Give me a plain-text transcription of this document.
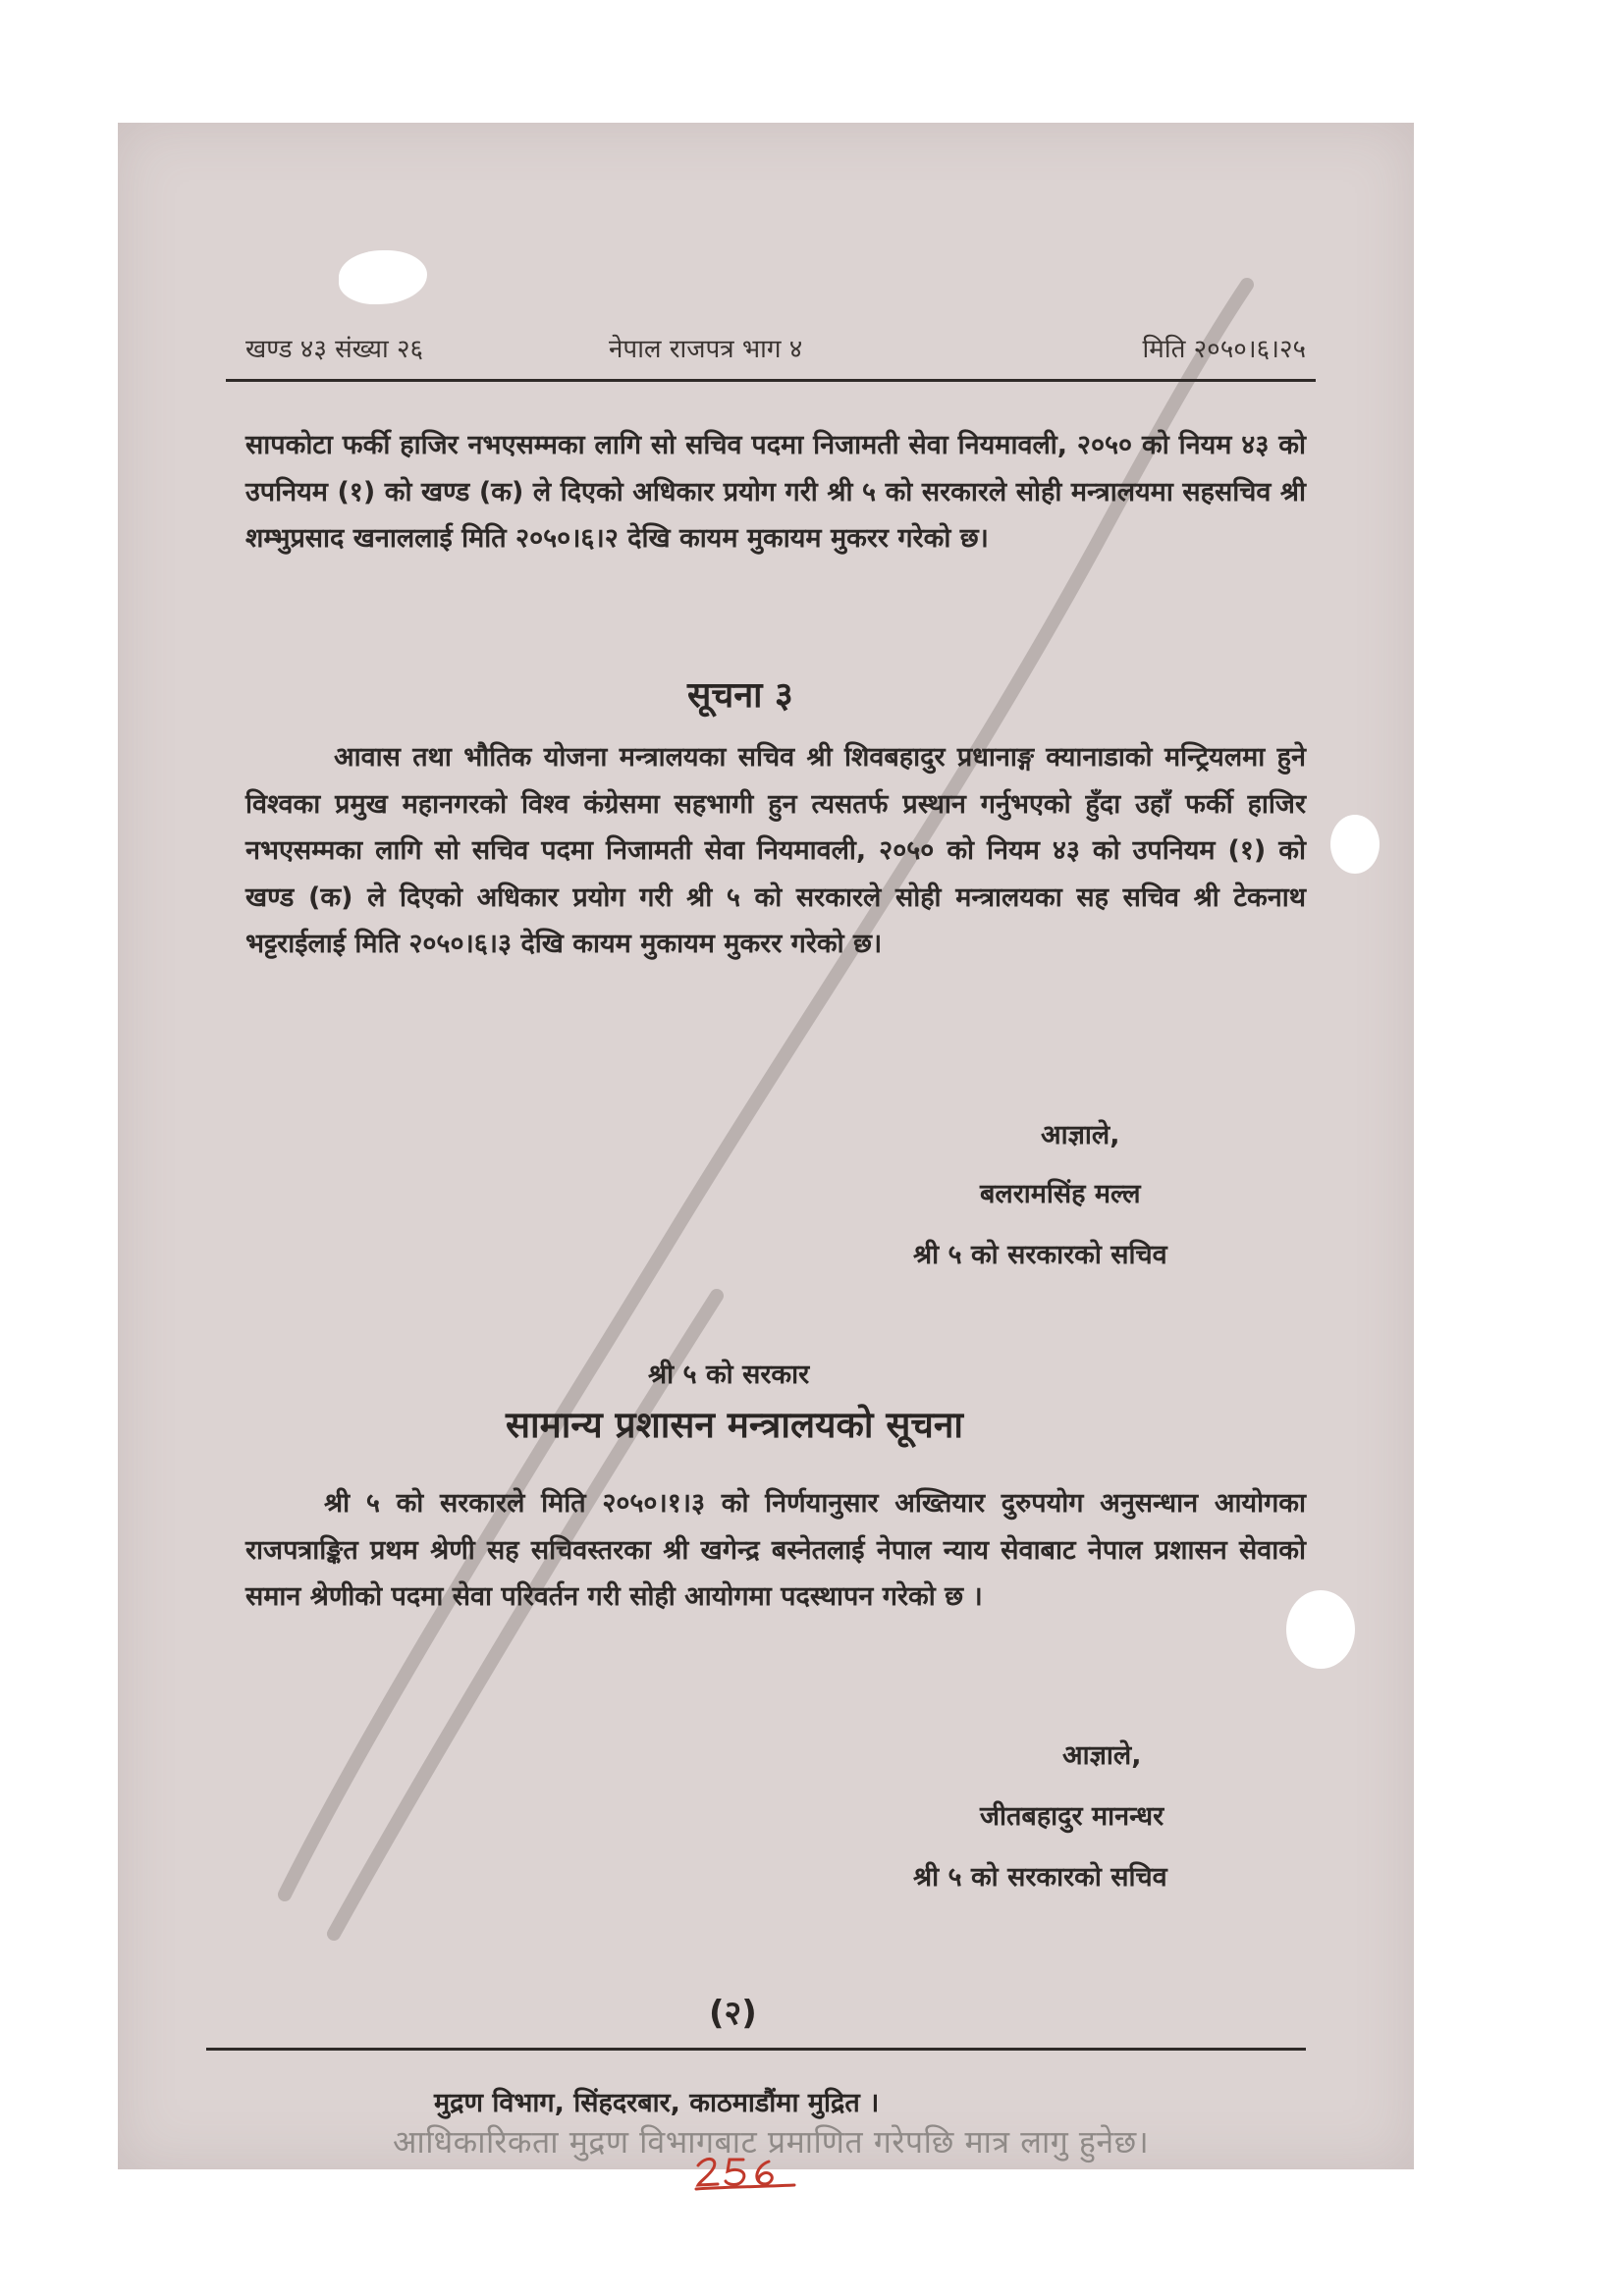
खण्ड ४३ संख्या २६	नेपाल राजपत्र भाग ४	मिति २०५०।६।२५
सापकोटा फर्की हाजिर नभएसम्मका लागि सो सचिव पदमा निजामती सेवा नियमावली, २०५० को नियम ४३ को उपनियम (१) को खण्ड (क) ले दिएको अधिकार प्रयोग गरी श्री ५ को सरकारले सोही मन्त्रालयमा सहसचिव श्री शम्भुप्रसाद खनाललाई मिति २०५०।६।२ देखि कायम मुकायम मुकरर गरेको छ।
सूचना ३
आवास तथा भौतिक योजना मन्त्रालयका सचिव श्री शिवबहादुर प्रधानाङ्ग क्यानाडाको मन्ट्रियलमा हुने विश्वका प्रमुख महानगरको विश्व कंग्रेसमा सहभागी हुन त्यसतर्फ प्रस्थान गर्नुभएको हुँदा उहाँ फर्की हाजिर नभएसम्मका लागि सो सचिव पदमा निजामती सेवा नियमावली, २०५० को नियम ४३ को उपनियम (१) को खण्ड (क) ले दिएको अधिकार प्रयोग गरी श्री ५ को सरकारले सोही मन्त्रालयका सह सचिव श्री टेकनाथ भट्टराईलाई मिति २०५०।६।३ देखि कायम मुकायम मुकरर गरेको छ।
आज्ञाले,
बलरामसिंह मल्ल
श्री ५ को सरकारको सचिव
श्री ५ को सरकार
सामान्य प्रशासन मन्त्रालयको सूचना
श्री ५ को सरकारले मिति २०५०।१।३ को निर्णयानुसार अख्तियार दुरुपयोग अनुसन्धान आयोगका राजपत्राङ्कित प्रथम श्रेणी सह सचिवस्तरका श्री खगेन्द्र बस्नेतलाई नेपाल न्याय सेवाबाट नेपाल प्रशासन सेवाको समान श्रेणीको पदमा सेवा परिवर्तन गरी सोही आयोगमा पदस्थापन गरेको छ ।
आज्ञाले,
जीतबहादुर मानन्धर
श्री ५ को सरकारको सचिव
(२)
मुद्रण विभाग, सिंहदरबार, काठमाडौंमा मुद्रित ।
आधिकारिकता मुद्रण विभागबाट प्रमाणित गरेपछि मात्र लागु हुनेछ।
